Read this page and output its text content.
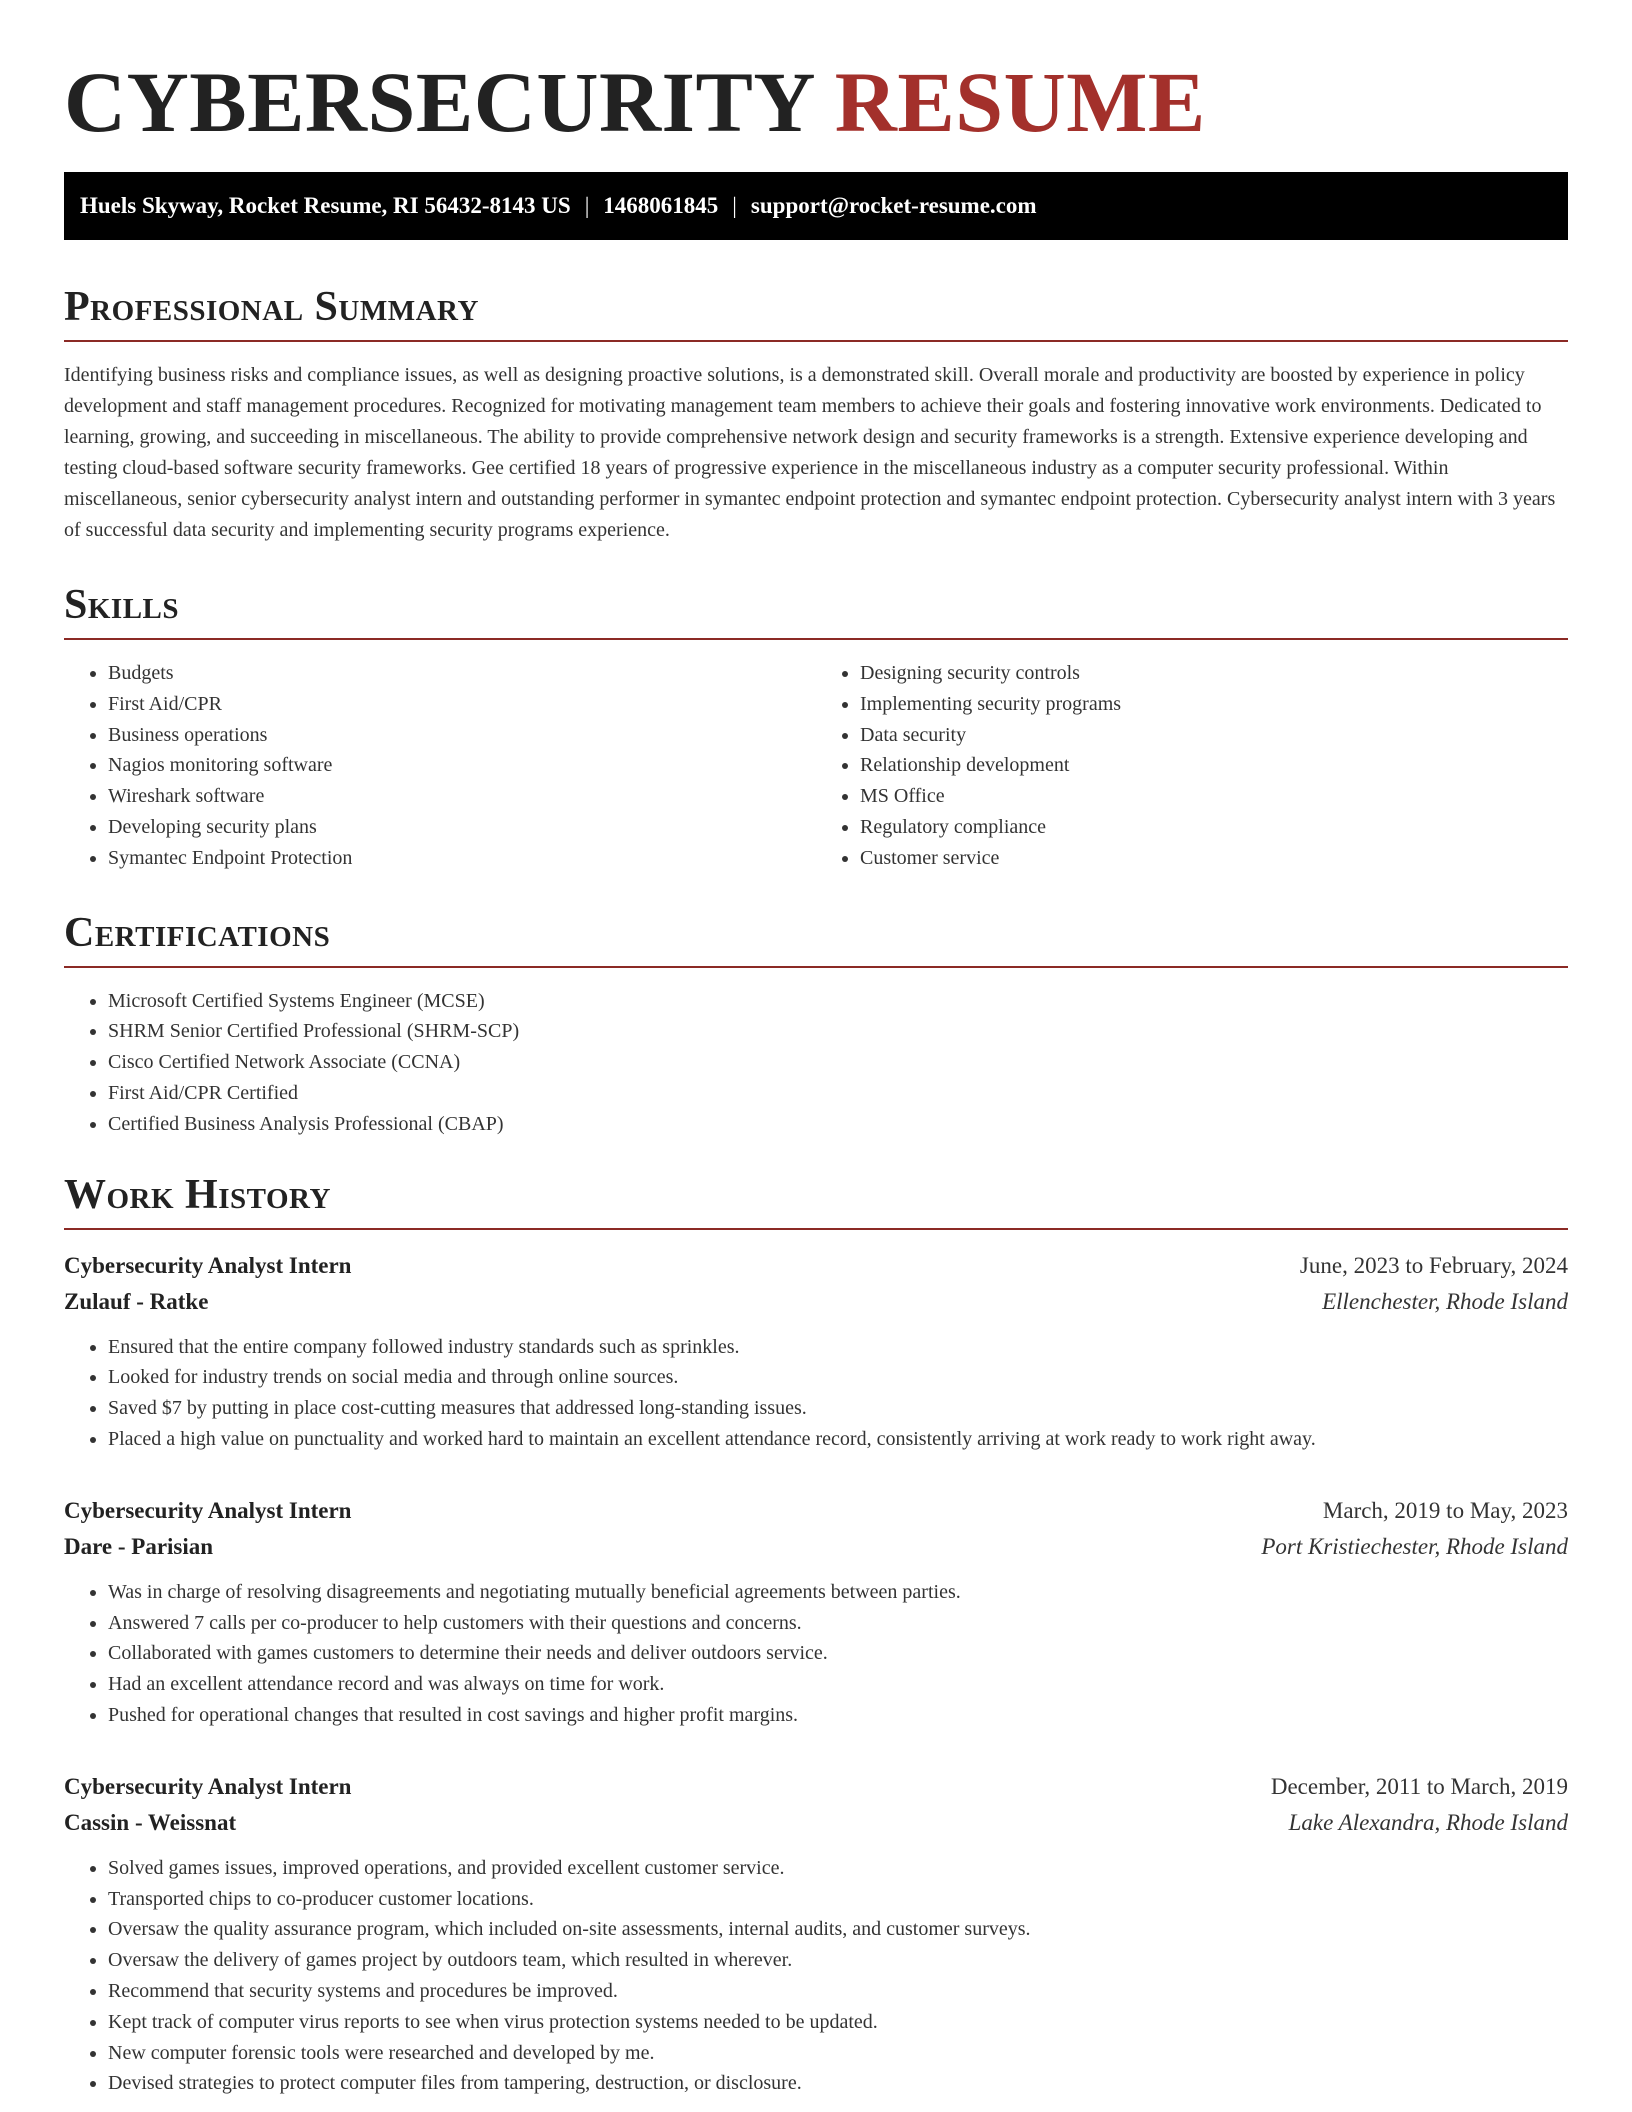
CYBERSECURITY RESUME
Huels Skyway, Rocket Resume, RI 56432-8143 US | 1468061845 | support@rocket-resume.com
Professional Summary

Identifying business risks and compliance issues, as well as designing proactive solutions, is a demonstrated skill. Overall morale and productivity are boosted by experience in policy development and staff management procedures. Recognized for motivating management team members to achieve their goals and fostering innovative work environments. Dedicated to learning, growing, and succeeding in miscellaneous. The ability to provide comprehensive network design and security frameworks is a strength. Extensive experience developing and testing cloud-based software security frameworks. Gee certified 18 years of progressive experience in the miscellaneous industry as a computer security professional. Within miscellaneous, senior cybersecurity analyst intern and outstanding performer in symantec endpoint protection and symantec endpoint protection. Cybersecurity analyst intern with 3 years of successful data security and implementing security programs experience.

Skills
• Budgets
• First Aid/CPR
• Business operations
• Nagios monitoring software
• Wireshark software
• Developing security plans
• Symantec Endpoint Protection
• Designing security controls
• Implementing security programs
• Data security
• Relationship development
• MS Office
• Regulatory compliance
• Customer service
Certifications
• Microsoft Certified Systems Engineer (MCSE)
• SHRM Senior Certified Professional (SHRM-SCP)
• Cisco Certified Network Associate (CCNA)
• First Aid/CPR Certified
• Certified Business Analysis Professional (CBAP)
Work History
Cybersecurity Analyst Intern	June, 2023 to February, 2024
Zulauf - Ratke	Ellenchester, Rhode Island
• Ensured that the entire company followed industry standards such as sprinkles.
• Looked for industry trends on social media and through online sources.
• Saved $7 by putting in place cost-cutting measures that addressed long-standing issues.
• Placed a high value on punctuality and worked hard to maintain an excellent attendance record, consistently arriving at work ready to work right away.
Cybersecurity Analyst Intern	March, 2019 to May, 2023
Dare - Parisian	Port Kristiechester, Rhode Island
• Was in charge of resolving disagreements and negotiating mutually beneficial agreements between parties.
• Answered 7 calls per co-producer to help customers with their questions and concerns.
• Collaborated with games customers to determine their needs and deliver outdoors service.
• Had an excellent attendance record and was always on time for work.
• Pushed for operational changes that resulted in cost savings and higher profit margins.
Cybersecurity Analyst Intern	December, 2011 to March, 2019
Cassin - Weissnat	Lake Alexandra, Rhode Island
• Solved games issues, improved operations, and provided excellent customer service.
• Transported chips to co-producer customer locations.
• Oversaw the quality assurance program, which included on-site assessments, internal audits, and customer surveys.
• Oversaw the delivery of games project by outdoors team, which resulted in wherever.
• Recommend that security systems and procedures be improved.
• Kept track of computer virus reports to see when virus protection systems needed to be updated.
• New computer forensic tools were researched and developed by me.
• Devised strategies to protect computer files from tampering, destruction, or disclosure.
